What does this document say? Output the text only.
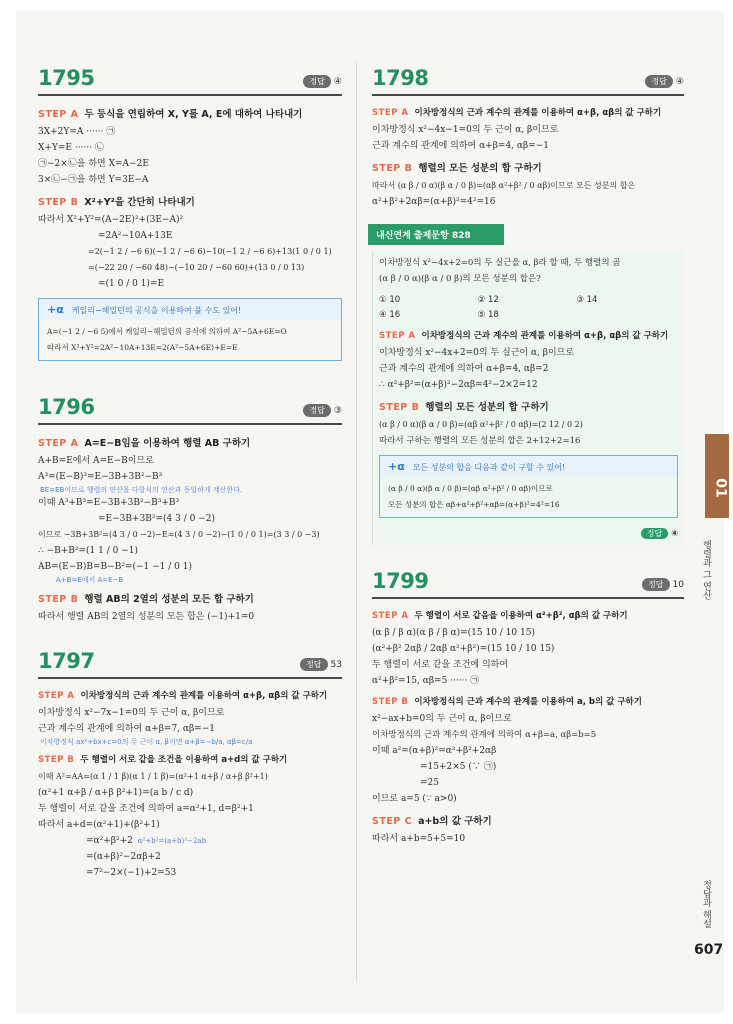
1795	정답 ④
STEP A 두 등식을 연립하여 X, Y를 A, E에 대하여 나타내기
3X+2Y=A ······ ㉠
X+Y=E ······ ㉡
㉠−2×㉡을 하면 X=A−2E
3×㉡−㉠을 하면 Y=3E−A
STEP B X²+Y²을 간단히 나타내기
따라서 X²+Y²=(A−2E)²+(3E−A)²
=2A²−10A+13E
=2(−1 2 / −6 6)(−1 2 / −6 6)−10(−1 2 / −6 6)+13(1 0 / 0 1)
=(−22 20 / −60 48)−(−10 20 / −60 60)+(13 0 / 0 13)
=(1 0 / 0 1)=E
+α 케일리−해밀턴의 공식을 이용하여 풀 수도 있어!
A=(−1 2 / −6 5)에서 케일리−해밀턴의 공식에 의하여 A²−5A+6E=O
따라서 X²+Y²=2A²−10A+13E=2(A²−5A+6E)+E=E
1796	정답 ③
STEP A A=E−B임을 이용하여 행렬 AB 구하기
A+B=E에서 A=E−B이므로
A³=(E−B)³=E−3B+3B²−B³
BE=EB이므로 행렬의 연산을 다항식의 연산과 동일하게 계산한다.
이때 A³+B³=E−3B+3B²−B³+B³
=E−3B+3B²=(4 3 / 0 −2)
이므로 −3B+3B²=(4 3 / 0 −2)−E=(4 3 / 0 −2)−(1 0 / 0 1)=(3 3 / 0 −3)
∴ −B+B²=(1 1 / 0 −1)
AB=(E−B)B=B−B²=(−1 −1 / 0 1)
A+B=E에서 A=E−B
STEP B 행렬 AB의 2열의 성분의 모든 합 구하기
따라서 행렬 AB의 2열의 성분의 모든 합은 (−1)+1=0
1797	정답 53
STEP A 이차방정식의 근과 계수의 관계를 이용하여 α+β, αβ의 값 구하기
이차방정식 x²−7x−1=0의 두 근이 α, β이므로
근과 계수의 관계에 의하여 α+β=7, αβ=−1
이차방정식 ax²+bx+c=0의 두 근이 α, β이면 α+β=−b/a, αβ=c/a
STEP B 두 행렬이 서로 같을 조건을 이용하여 a+d의 값 구하기
이때 A²=AA=(α 1 / 1 β)(α 1 / 1 β)=(α²+1 α+β / α+β β²+1)
(α²+1 α+β / α+β β²+1)=(a b / c d)
두 행렬이 서로 같을 조건에 의하여 a=α²+1, d=β²+1
따라서 a+d=(α²+1)+(β²+1)
=α²+β²+2 α²+b²=(a+b)²−2ab
=(α+β)²−2αβ+2
=7²−2×(−1)+2=53
1798	정답 ④
STEP A 이차방정식의 근과 계수의 관계를 이용하여 α+β, αβ의 값 구하기
이차방정식 x²−4x−1=0의 두 근이 α, β이므로
근과 계수의 관계에 의하여 α+β=4, αβ=−1
STEP B 행렬의 모든 성분의 합 구하기
따라서 (α β / 0 α)(β α / 0 β)=(αβ α²+β² / 0 αβ)이므로 모든 성분의 합은
α²+β²+2αβ=(α+β)²=4²=16
내신연계 출제문항 828
이차방정식 x²−4x+2=0의 두 실근을 α, β라 할 때, 두 행렬의 곱
(α β / 0 α)(β α / 0 β)의 모든 성분의 합은?
① 10	② 12	③ 14
④ 16	⑤ 18
STEP A 이차방정식의 근과 계수의 관계를 이용하여 α+β, αβ의 값 구하기
이차방정식 x²−4x+2=0의 두 실근이 α, β이므로
근과 계수의 관계에 의하여 α+β=4, αβ=2
∴ α²+β²=(α+β)²−2αβ=4²−2×2=12
STEP B 행렬의 모든 성분의 합 구하기
(α β / 0 α)(β α / 0 β)=(αβ α²+β² / 0 αβ)=(2 12 / 0 2)
따라서 구하는 행렬의 모든 성분의 합은 2+12+2=16
+α 모든 성분의 합을 다음과 같이 구할 수 있어!
(α β / 0 α)(β α / 0 β)=(αβ α²+β² / 0 αβ)이므로
모든 성분의 합은 αβ+α²+β²+αβ=(α+β)²=4²=16
정답 ④
1799	정답 10
STEP A 두 행렬이 서로 같음을 이용하여 α²+β², αβ의 값 구하기
(α β / β α)(α β / β α)=(15 10 / 10 15)
(α²+β² 2αβ / 2αβ α²+β²)=(15 10 / 10 15)
두 행렬이 서로 같을 조건에 의하여
α²+β²=15, αβ=5 ······ ㉠
STEP B 이차방정식의 근과 계수의 관계를 이용하여 a, b의 값 구하기
x²−ax+b=0의 두 근이 α, β이므로
이차방정식의 근과 계수의 관계에 의하여 α+β=a, αβ=b=5
이때 a²=(α+β)²=α²+β²+2αβ
=15+2×5 (∵ ㉠)
=25
이므로 a=5 (∵ a>0)
STEP C a+b의 값 구하기
따라서 a+b=5+5=10
01
행렬과 그 연산
정답과 해설
607
